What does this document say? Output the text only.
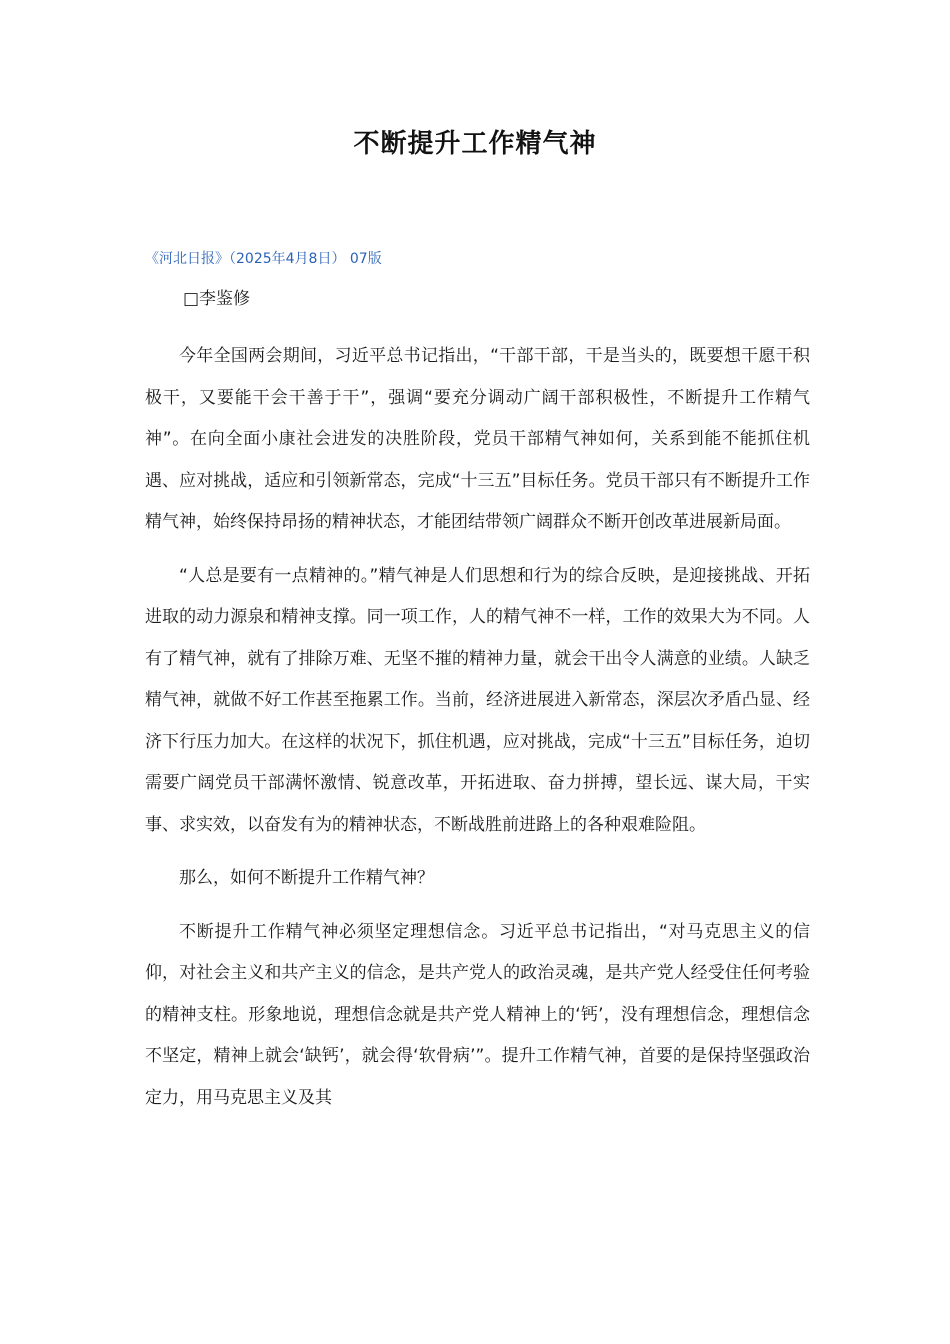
不断提升工作精气神
《河北日报》（2025年4月8日） 07版
□李鉴修

今年全国两会期间，习近平总书记指出，“干部干部，干是当头的，既要想干愿干积极干，又要能干会干善于干”，强调“要充分调动广阔干部积极性，不断提升工作精气神”。在向全面小康社会进发的决胜阶段，党员干部精气神如何，关系到能不能抓住机遇、应对挑战，适应和引领新常态，完成“十三五”目标任务。党员干部只有不断提升工作精气神，始终保持昂扬的精神状态，才能团结带领广阔群众不断开创改革进展新局面。

“人总是要有一点精神的。”精气神是人们思想和行为的综合反映，是迎接挑战、开拓进取的动力源泉和精神支撑。同一项工作，人的精气神不一样，工作的效果大为不同。人有了精气神，就有了排除万难、无坚不摧的精神力量，就会干出令人满意的业绩。人缺乏精气神，就做不好工作甚至拖累工作。当前，经济进展进入新常态，深层次矛盾凸显、经济下行压力加大。在这样的状况下，抓住机遇，应对挑战，完成“十三五”目标任务，迫切需要广阔党员干部满怀激情、锐意改革，开拓进取、奋力拼搏，望长远、谋大局，干实事、求实效，以奋发有为的精神状态，不断战胜前进路上的各种艰难险阻。

那么，如何不断提升工作精气神？

不断提升工作精气神必须坚定理想信念。习近平总书记指出，“对马克思主义的信仰，对社会主义和共产主义的信念，是共产党人的政治灵魂，是共产党人经受住任何考验的精神支柱。形象地说，理想信念就是共产党人精神上的‘钙’，没有理想信念，理想信念不坚定，精神上就会‘缺钙’，就会得‘软骨病’”。提升工作精气神，首要的是保持坚强政治定力，用马克思主义及其
